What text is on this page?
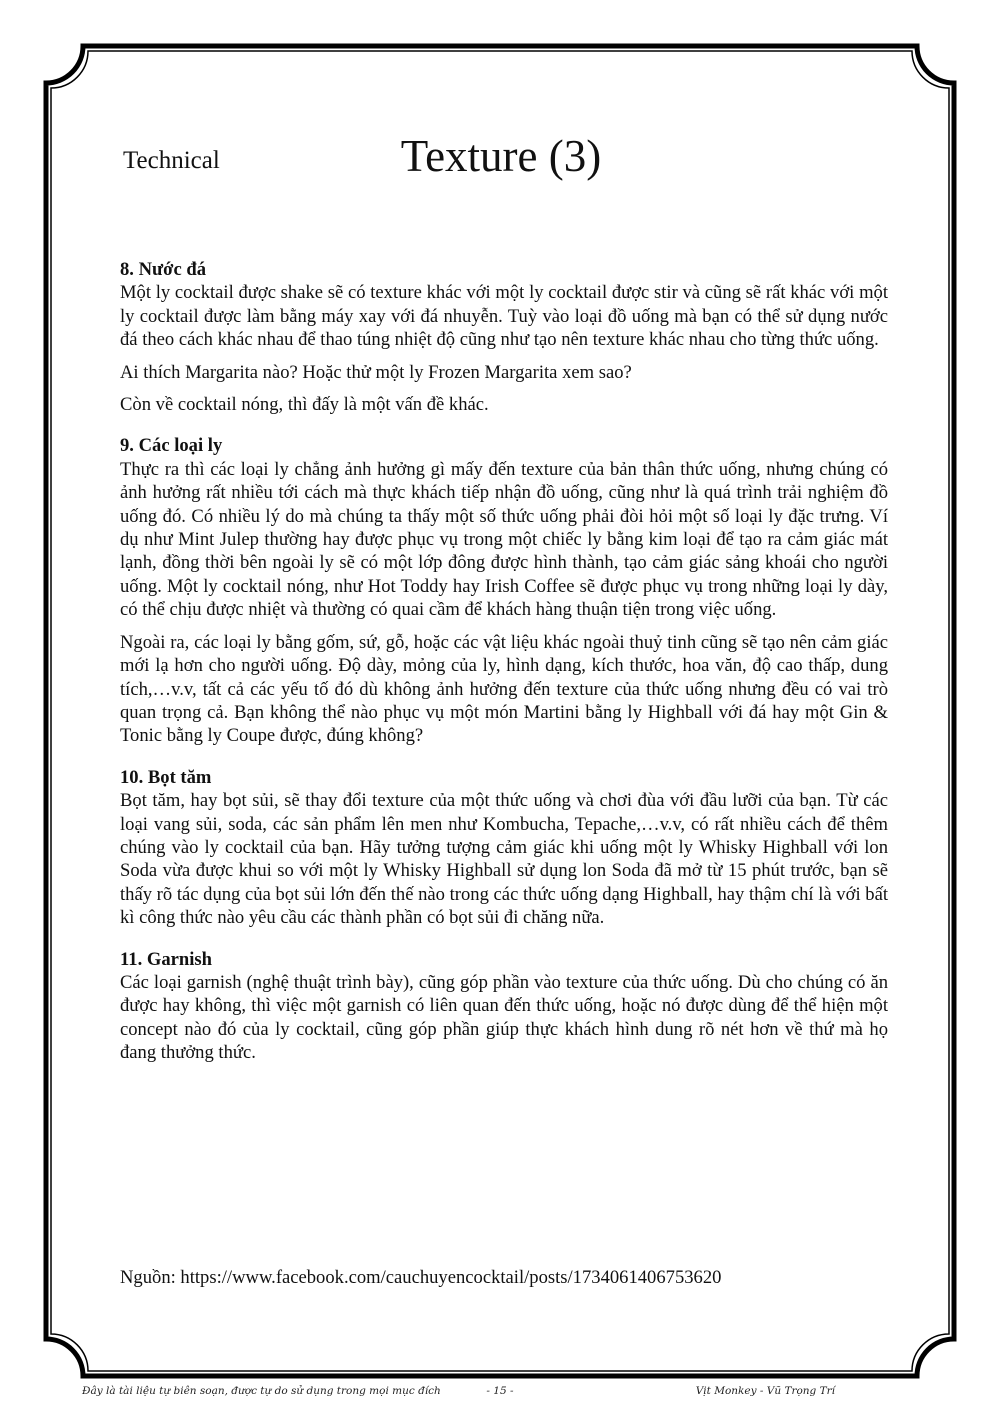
Technical	Texture (3)

8. Nước đá

Một ly cocktail được shake sẽ có texture khác với một ly cocktail được stir và cũng sẽ rất khác với một ly cocktail được làm bằng máy xay với đá nhuyễn. Tuỳ vào loại đồ uống mà bạn có thể sử dụng nước đá theo cách khác nhau để thao túng nhiệt độ cũng như tạo nên texture khác nhau cho từng thức uống.

Ai thích Margarita nào? Hoặc thử một ly Frozen Margarita xem sao?

Còn về cocktail nóng, thì đấy là một vấn đề khác.

9. Các loại ly

Thực ra thì các loại ly chẳng ảnh hưởng gì mấy đến texture của bản thân thức uống, nhưng chúng có ảnh hưởng rất nhiều tới cách mà thực khách tiếp nhận đồ uống, cũng như là quá trình trải nghiệm đồ uống đó. Có nhiều lý do mà chúng ta thấy một số thức uống phải đòi hỏi một số loại ly đặc trưng. Ví dụ như Mint Julep thường hay được phục vụ trong một chiếc ly bằng kim loại để tạo ra cảm giác mát lạnh, đồng thời bên ngoài ly sẽ có một lớp đông được hình thành, tạo cảm giác sảng khoái cho người uống. Một ly cocktail nóng, như Hot Toddy hay Irish Coffee sẽ được phục vụ trong những loại ly dày, có thể chịu được nhiệt và thường có quai cầm để khách hàng thuận tiện trong việc uống.

Ngoài ra, các loại ly bằng gốm, sứ, gỗ, hoặc các vật liệu khác ngoài thuỷ tinh cũng sẽ tạo nên cảm giác mới lạ hơn cho người uống. Độ dày, mỏng của ly, hình dạng, kích thước, hoa văn, độ cao thấp, dung tích,…v.v, tất cả các yếu tố đó dù không ảnh hưởng đến texture của thức uống nhưng đều có vai trò quan trọng cả. Bạn không thể nào phục vụ một món Martini bằng ly Highball với đá hay một Gin & Tonic bằng ly Coupe được, đúng không?

10. Bọt tăm

Bọt tăm, hay bọt sủi, sẽ thay đổi texture của một thức uống và chơi đùa với đầu lưỡi của bạn. Từ các loại vang sủi, soda, các sản phẩm lên men như Kombucha, Tepache,…v.v, có rất nhiều cách để thêm chúng vào ly cocktail của bạn. Hãy tưởng tượng cảm giác khi uống một ly Whisky Highball với lon Soda vừa được khui so với một ly Whisky Highball sử dụng lon Soda đã mở từ 15 phút trước, bạn sẽ thấy rõ tác dụng của bọt sủi lớn đến thế nào trong các thức uống dạng Highball, hay thậm chí là với bất kì công thức nào yêu cầu các thành phần có bọt sủi đi chăng nữa.

11. Garnish

Các loại garnish (nghệ thuật trình bày), cũng góp phần vào texture của thức uống. Dù cho chúng có ăn được hay không, thì việc một garnish có liên quan đến thức uống, hoặc nó được dùng để thể hiện một concept nào đó của ly cocktail, cũng góp phần giúp thực khách hình dung rõ nét hơn về thứ mà họ đang thưởng thức.

Nguồn: https://www.facebook.com/cauchuyencocktail/posts/1734061406753620
Đây là tài liệu tự biên soạn, được tự do sử dụng trong mọi mục đích	- 15 -	Vịt Monkey - Vũ Trọng Trí
